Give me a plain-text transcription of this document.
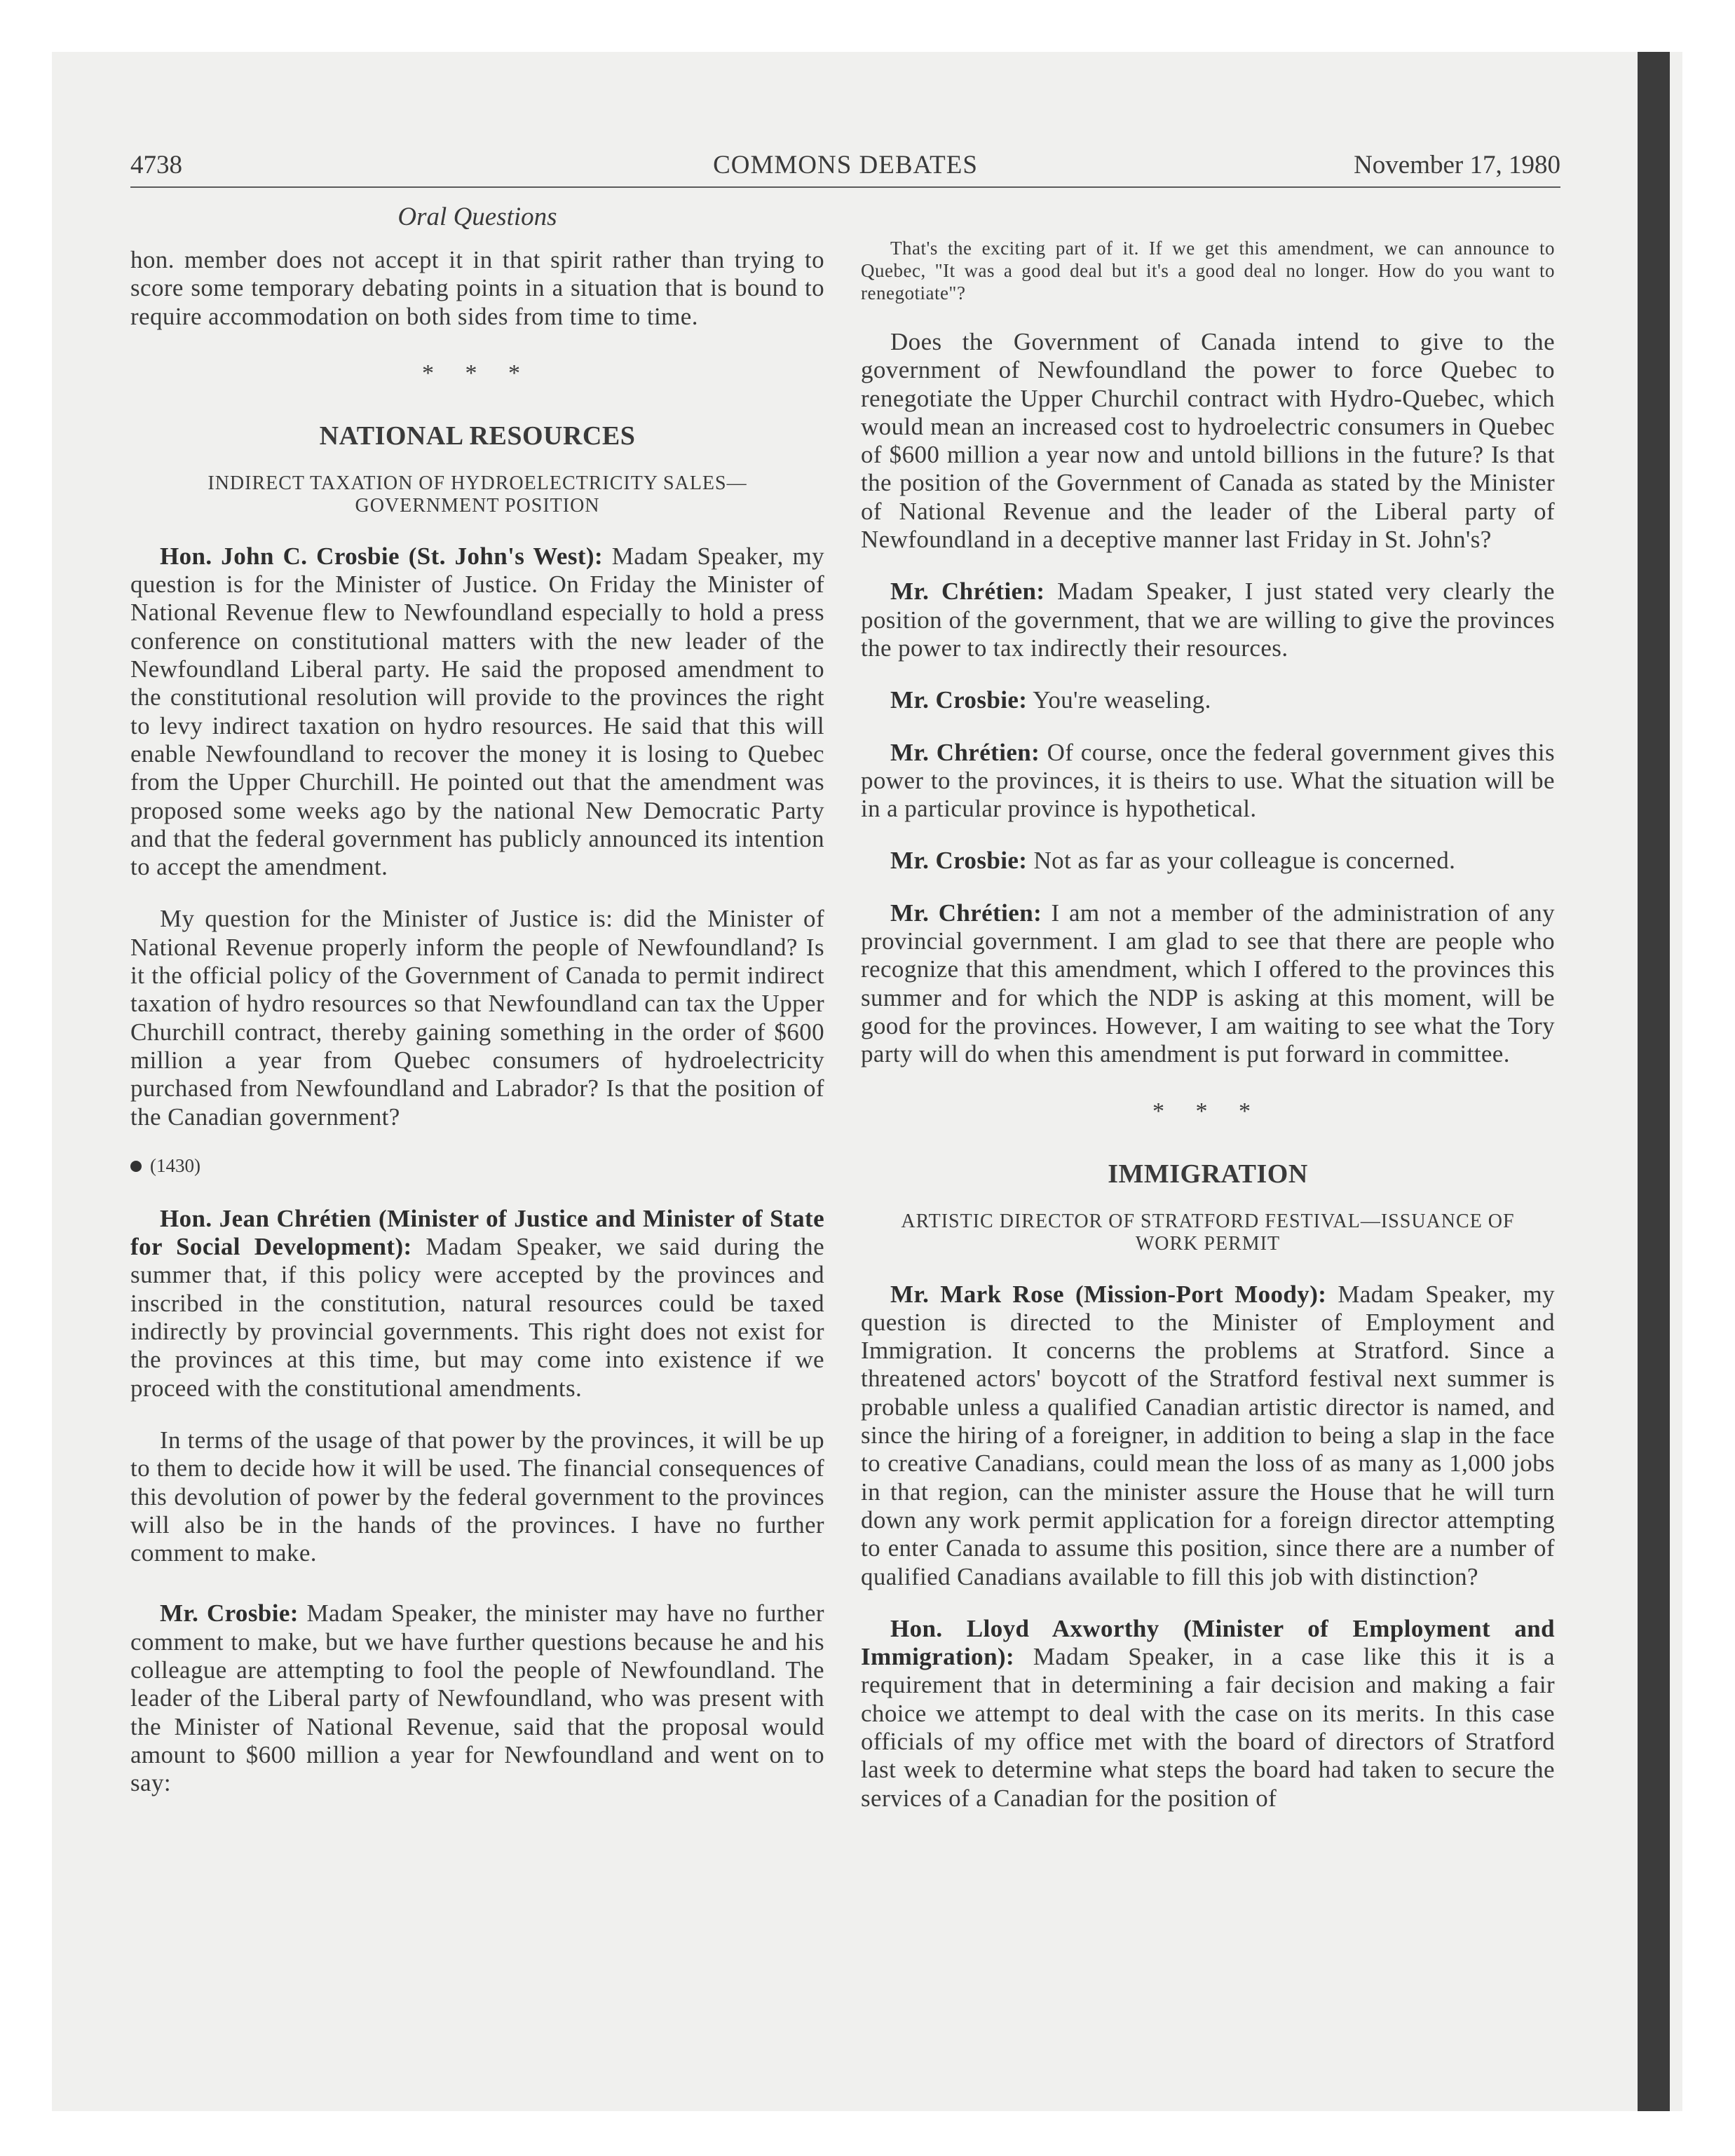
4738	COMMONS DEBATES	November 17, 1980
Oral Questions

hon. member does not accept it in that spirit rather than trying to score some temporary debating points in a situation that is bound to require accommodation on both sides from time to time.

* * *
NATIONAL RESOURCES
INDIRECT TAXATION OF HYDROELECTRICITY SALES—
GOVERNMENT POSITION

Hon. John C. Crosbie (St. John's West): Madam Speaker, my question is for the Minister of Justice. On Friday the Minister of National Revenue flew to Newfoundland especially to hold a press conference on constitutional matters with the new leader of the Newfoundland Liberal party. He said the proposed amendment to the constitutional resolution will provide to the provinces the right to levy indirect taxation on hydro resources. He said that this will enable Newfoundland to recover the money it is losing to Quebec from the Upper Churchill. He pointed out that the amendment was proposed some weeks ago by the national New Democratic Party and that the federal government has publicly announced its intention to accept the amendment.

My question for the Minister of Justice is: did the Minister of National Revenue properly inform the people of Newfoundland? Is it the official policy of the Government of Canada to permit indirect taxation of hydro resources so that Newfoundland can tax the Upper Churchill contract, thereby gaining something in the order of $600 million a year from Quebec consumers of hydroelectricity purchased from Newfoundland and Labrador? Is that the position of the Canadian government?

(1430)

Hon. Jean Chrétien (Minister of Justice and Minister of State for Social Development): Madam Speaker, we said during the summer that, if this policy were accepted by the provinces and inscribed in the constitution, natural resources could be taxed indirectly by provincial governments. This right does not exist for the provinces at this time, but may come into existence if we proceed with the constitutional amendments.

In terms of the usage of that power by the provinces, it will be up to them to decide how it will be used. The financial consequences of this devolution of power by the federal government to the provinces will also be in the hands of the provinces. I have no further comment to make.

Mr. Crosbie: Madam Speaker, the minister may have no further comment to make, but we have further questions because he and his colleague are attempting to fool the people of Newfoundland. The leader of the Liberal party of Newfoundland, who was present with the Minister of National Revenue, said that the proposal would amount to $600 million a year for Newfoundland and went on to say:

That's the exciting part of it. If we get this amendment, we can announce to Quebec, "It was a good deal but it's a good deal no longer. How do you want to renegotiate"?

Does the Government of Canada intend to give to the government of Newfoundland the power to force Quebec to renegotiate the Upper Churchil contract with Hydro-Quebec, which would mean an increased cost to hydroelectric consumers in Quebec of $600 million a year now and untold billions in the future? Is that the position of the Government of Canada as stated by the Minister of National Revenue and the leader of the Liberal party of Newfoundland in a deceptive manner last Friday in St. John's?

Mr. Chrétien: Madam Speaker, I just stated very clearly the position of the government, that we are willing to give the provinces the power to tax indirectly their resources.

Mr. Crosbie: You're weaseling.

Mr. Chrétien: Of course, once the federal government gives this power to the provinces, it is theirs to use. What the situation will be in a particular province is hypothetical.

Mr. Crosbie: Not as far as your colleague is concerned.

Mr. Chrétien: I am not a member of the administration of any provincial government. I am glad to see that there are people who recognize that this amendment, which I offered to the provinces this summer and for which the NDP is asking at this moment, will be good for the provinces. However, I am waiting to see what the Tory party will do when this amendment is put forward in committee.

* * *
IMMIGRATION
ARTISTIC DIRECTOR OF STRATFORD FESTIVAL—ISSUANCE OF
WORK PERMIT

Mr. Mark Rose (Mission-Port Moody): Madam Speaker, my question is directed to the Minister of Employment and Immigration. It concerns the problems at Stratford. Since a threatened actors' boycott of the Stratford festival next summer is probable unless a qualified Canadian artistic director is named, and since the hiring of a foreigner, in addition to being a slap in the face to creative Canadians, could mean the loss of as many as 1,000 jobs in that region, can the minister assure the House that he will turn down any work permit application for a foreign director attempting to enter Canada to assume this position, since there are a number of qualified Canadians available to fill this job with distinction?

Hon. Lloyd Axworthy (Minister of Employment and Immigration): Madam Speaker, in a case like this it is a requirement that in determining a fair decision and making a fair choice we attempt to deal with the case on its merits. In this case officials of my office met with the board of directors of Stratford last week to determine what steps the board had taken to secure the services of a Canadian for the position of
